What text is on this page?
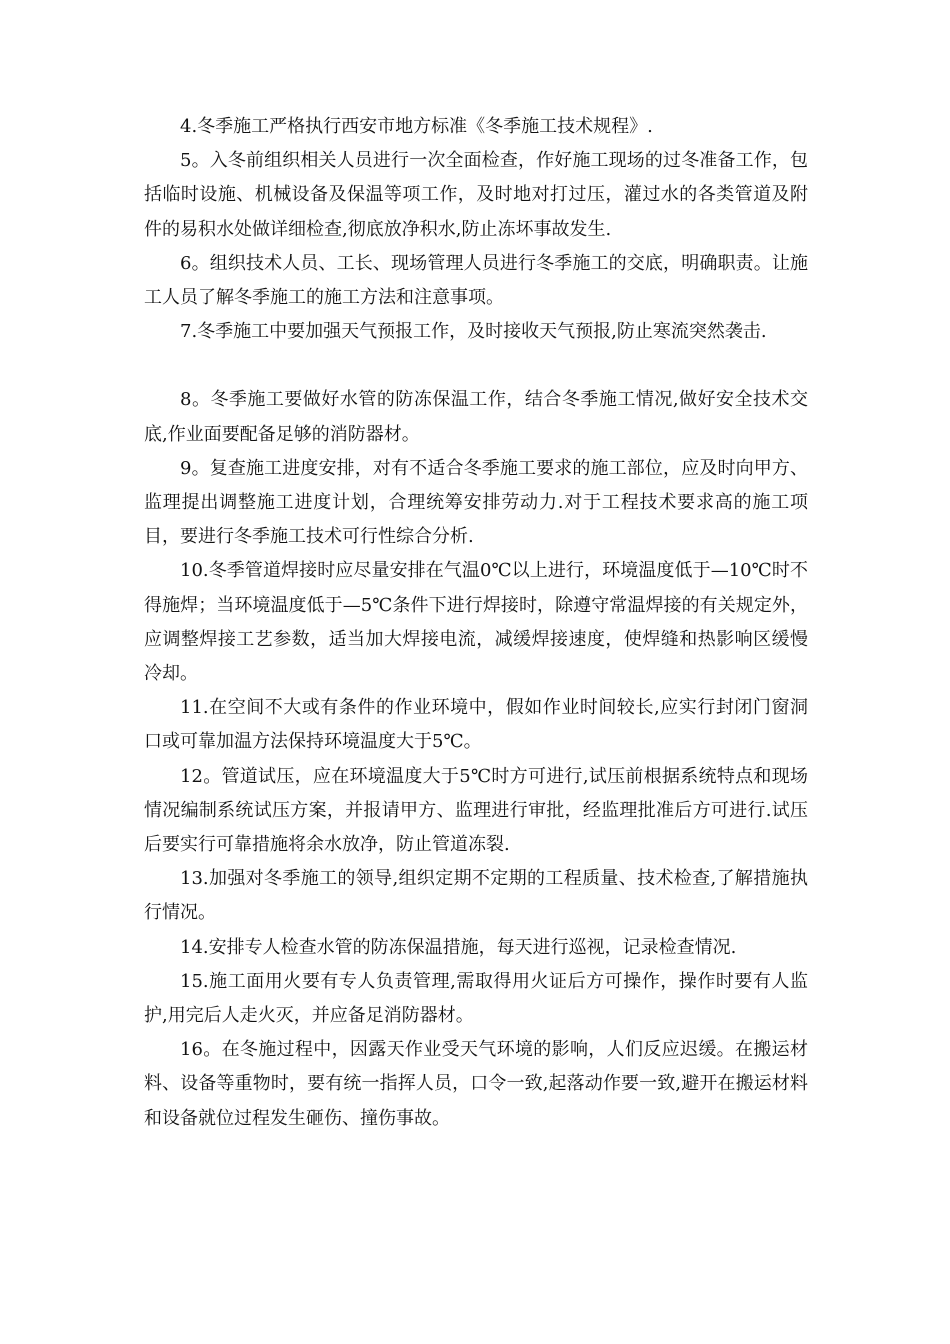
4.冬季施工严格执行西安市地方标准《冬季施工技术规程》.

5。入冬前组织相关人员进行一次全面检查，作好施工现场的过冬准备工作，包括临时设施、机械设备及保温等项工作，及时地对打过压，灌过水的各类管道及附件的易积水处做详细检查,彻底放净积水,防止冻坏事故发生.

6。组织技术人员、工长、现场管理人员进行冬季施工的交底，明确职责。让施工人员了解冬季施工的施工方法和注意事项。

7.冬季施工中要加强天气预报工作，及时接收天气预报,防止寒流突然袭击.

8。冬季施工要做好水管的防冻保温工作，结合冬季施工情况,做好安全技术交底,作业面要配备足够的消防器材。

9。复查施工进度安排，对有不适合冬季施工要求的施工部位，应及时向甲方、监理提出调整施工进度计划，合理统筹安排劳动力.对于工程技术要求高的施工项目，要进行冬季施工技术可行性综合分析.

10.冬季管道焊接时应尽量安排在气温0℃以上进行，环境温度低于—10℃时不得施焊；当环境温度低于—5℃条件下进行焊接时，除遵守常温焊接的有关规定外，应调整焊接工艺参数，适当加大焊接电流，减缓焊接速度，使焊缝和热影响区缓慢冷却。

11.在空间不大或有条件的作业环境中，假如作业时间较长,应实行封闭门窗洞口或可靠加温方法保持环境温度大于5℃。

12。管道试压，应在环境温度大于5℃时方可进行,试压前根据系统特点和现场情况编制系统试压方案，并报请甲方、监理进行审批，经监理批准后方可进行.试压后要实行可靠措施将余水放净，防止管道冻裂.

13.加强对冬季施工的领导,组织定期不定期的工程质量、技术检查,了解措施执行情况。

14.安排专人检查水管的防冻保温措施，每天进行巡视，记录检查情况.

15.施工面用火要有专人负责管理,需取得用火证后方可操作，操作时要有人监护,用完后人走火灭，并应备足消防器材。

16。在冬施过程中，因露天作业受天气环境的影响，人们反应迟缓。在搬运材料、设备等重物时，要有统一指挥人员，口令一致,起落动作要一致,避开在搬运材料和设备就位过程发生砸伤、撞伤事故。
